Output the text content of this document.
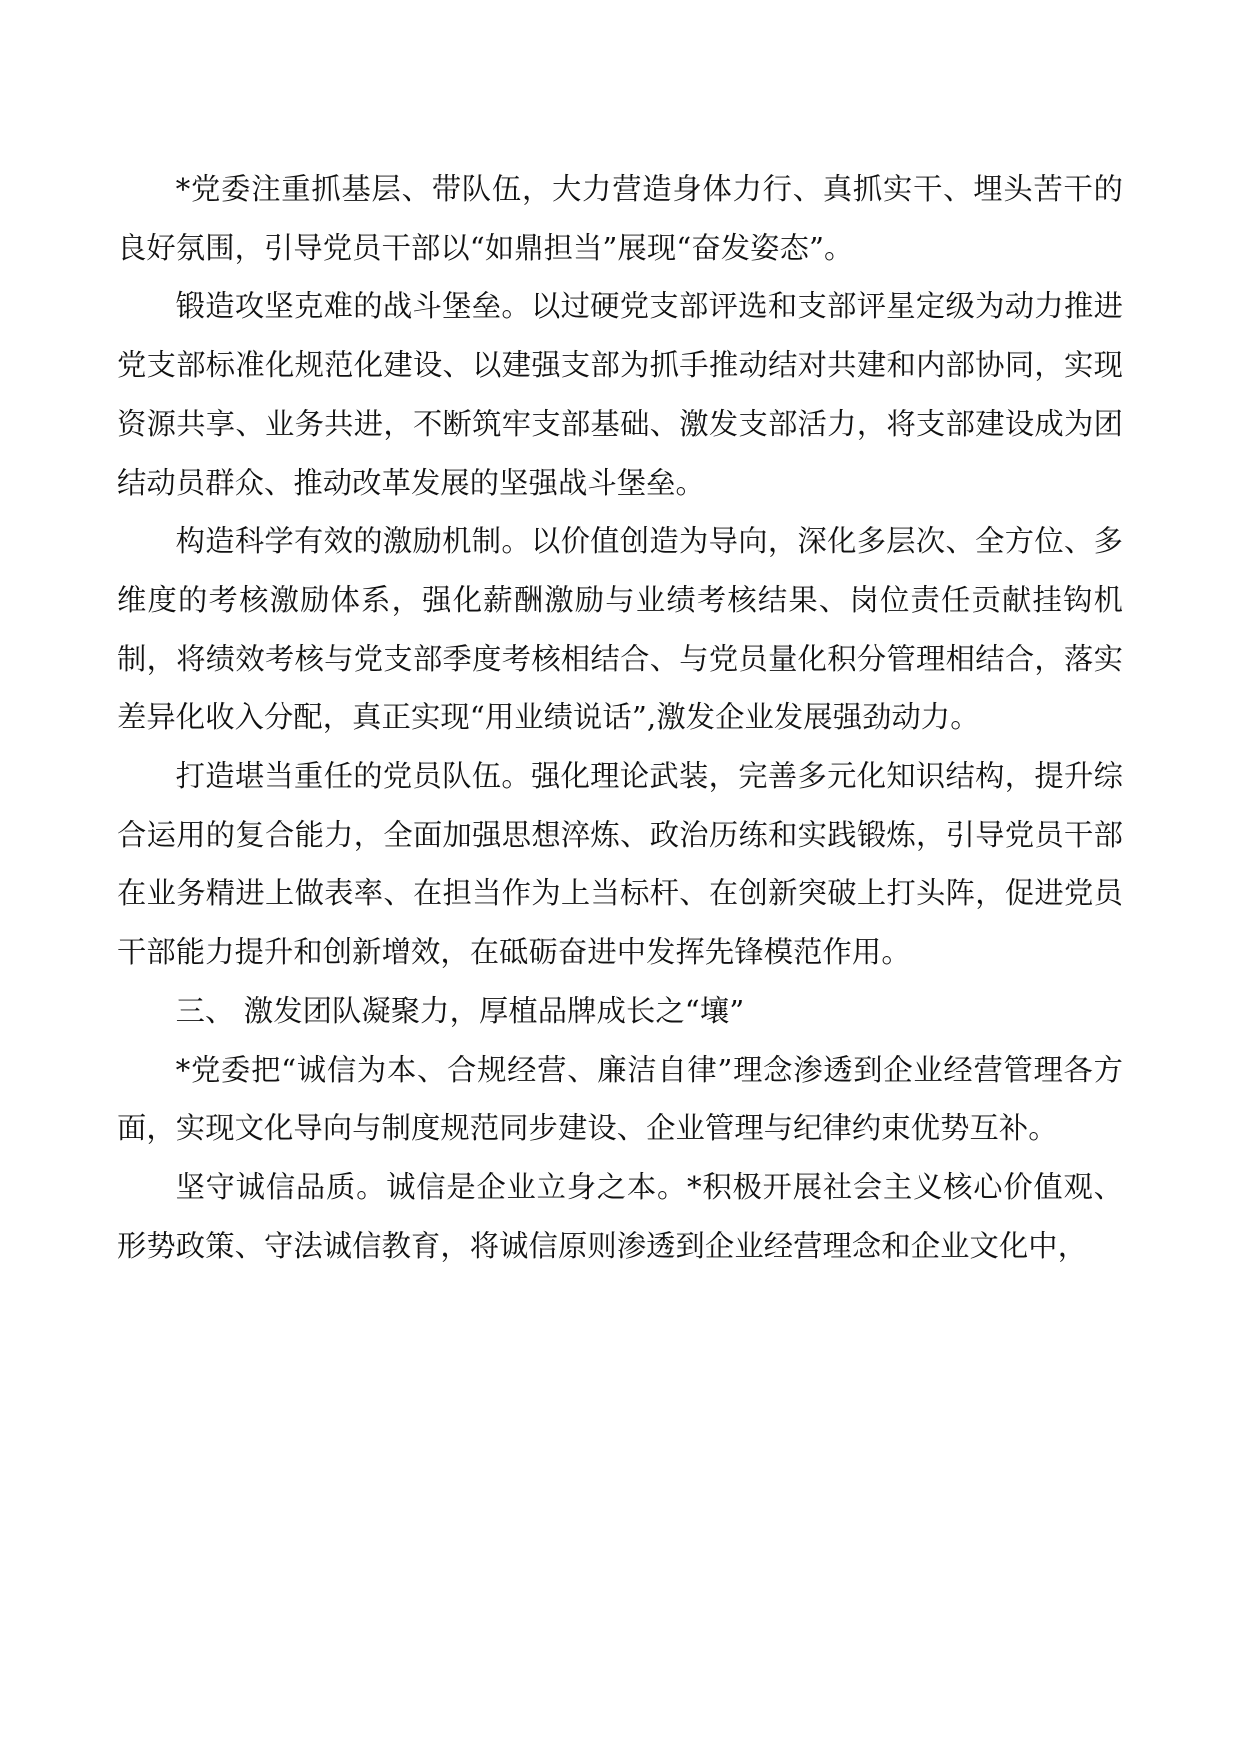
*党委注重抓基层、带队伍，大力营造身体力行、真抓实干、埋头苦干的良好氛围，引导党员干部以“如鼎担当”展现“奋发姿态”。

锻造攻坚克难的战斗堡垒。以过硬党支部评选和支部评星定级为动力推进党支部标准化规范化建设、以建强支部为抓手推动结对共建和内部协同，实现资源共享、业务共进，不断筑牢支部基础、激发支部活力，将支部建设成为团结动员群众、推动改革发展的坚强战斗堡垒。

构造科学有效的激励机制。以价值创造为导向，深化多层次、全方位、多维度的考核激励体系，强化薪酬激励与业绩考核结果、岗位责任贡献挂钩机制，将绩效考核与党支部季度考核相结合、与党员量化积分管理相结合，落实差异化收入分配，真正实现“用业绩说话”,激发企业发展强劲动力。

打造堪当重任的党员队伍。强化理论武装，完善多元化知识结构，提升综合运用的复合能力，全面加强思想淬炼、政治历练和实践锻炼，引导党员干部在业务精进上做表率、在担当作为上当标杆、在创新突破上打头阵，促进党员干部能力提升和创新增效，在砥砺奋进中发挥先锋模范作用。

三、 激发团队凝聚力，厚植品牌成长之“壤”

*党委把“诚信为本、合规经营、廉洁自律”理念渗透到企业经营管理各方面，实现文化导向与制度规范同步建设、企业管理与纪律约束优势互补。

坚守诚信品质。诚信是企业立身之本。*积极开展社会主义核心价值观、形势政策、守法诚信教育，将诚信原则渗透到企业经营理念和企业文化中，
